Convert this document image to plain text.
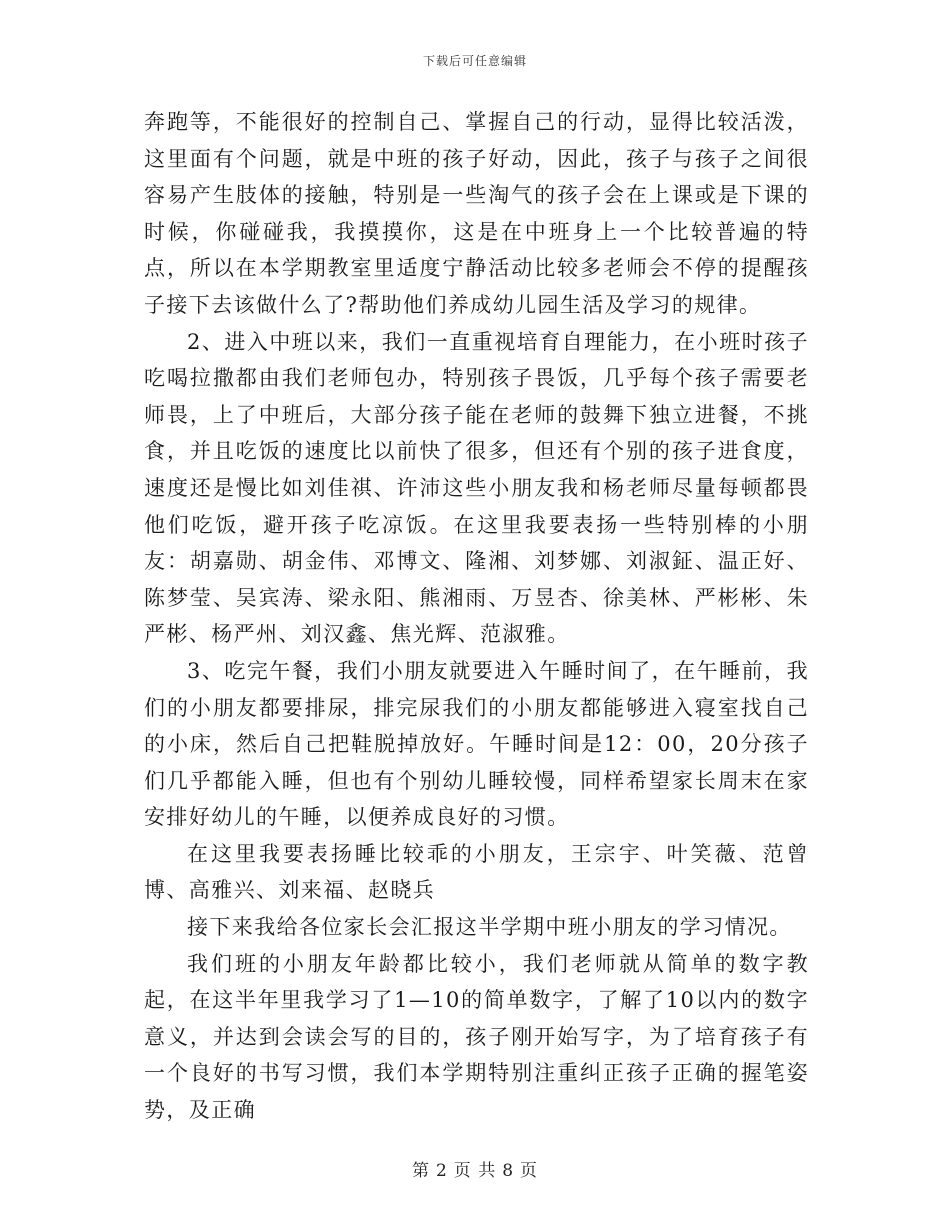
下载后可任意编辑

奔跑等，不能很好的控制自己、掌握自己的行动，显得比较活泼，这里面有个问题，就是中班的孩子好动，因此，孩子与孩子之间很容易产生肢体的接触，特别是一些淘气的孩子会在上课或是下课的时候，你碰碰我，我摸摸你，这是在中班身上一个比较普遍的特点，所以在本学期教室里适度宁静活动比较多老师会不停的提醒孩子接下去该做什么了?帮助他们养成幼儿园生活及学习的规律。

2、进入中班以来，我们一直重视培育自理能力，在小班时孩子吃喝拉撒都由我们老师包办，特别孩子畏饭，几乎每个孩子需要老师畏，上了中班后，大部分孩子能在老师的鼓舞下独立进餐，不挑食，并且吃饭的速度比以前快了很多，但还有个别的孩子进食度，速度还是慢比如刘佳祺、许沛这些小朋友我和杨老师尽量每顿都畏他们吃饭，避开孩子吃凉饭。在这里我要表扬一些特别棒的小朋友：胡嘉勋、胡金伟、邓博文、隆湘、刘梦娜、刘淑鉦、温正好、陈梦莹、吴宾涛、梁永阳、熊湘雨、万昱杏、徐美林、严彬彬、朱严彬、杨严州、刘汉鑫、焦光辉、范淑雅。

3、吃完午餐，我们小朋友就要进入午睡时间了，在午睡前，我们的小朋友都要排尿，排完尿我们的小朋友都能够进入寝室找自己的小床，然后自己把鞋脱掉放好。午睡时间是12：00，20分孩子们几乎都能入睡，但也有个别幼儿睡较慢，同样希望家长周末在家安排好幼儿的午睡，以便养成良好的习惯。

在这里我要表扬睡比较乖的小朋友，王宗宇、叶笑薇、范曾博、高雅兴、刘来福、赵晓兵

接下来我给各位家长会汇报这半学期中班小朋友的学习情况。

我们班的小朋友年龄都比较小，我们老师就从简单的数字教起，在这半年里我学习了1—10的简单数字，了解了10以内的数字意义，并达到会读会写的目的，孩子刚开始写字，为了培育孩子有一个良好的书写习惯，我们本学期特别注重纠正孩子正确的握笔姿势，及正确

第 2 页 共 8 页
